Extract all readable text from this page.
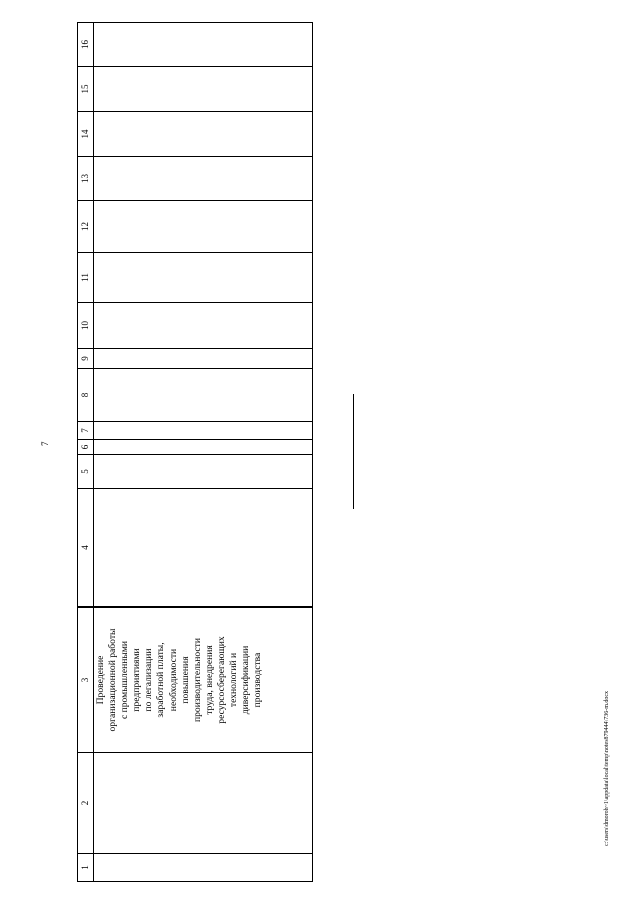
7
1
2
3 Проведение организационной работы с промышленными предприятиями по легализации заработной платы, необходимости повышения производительности труда, внедрения ресурсосберегающих технологий и диверсификации производства
4
5
6
7
8
9
10
11
12
13
14
15
16
c:\users\dmoroh~1\appdata\local\temp\notes879444\736-m.docx
